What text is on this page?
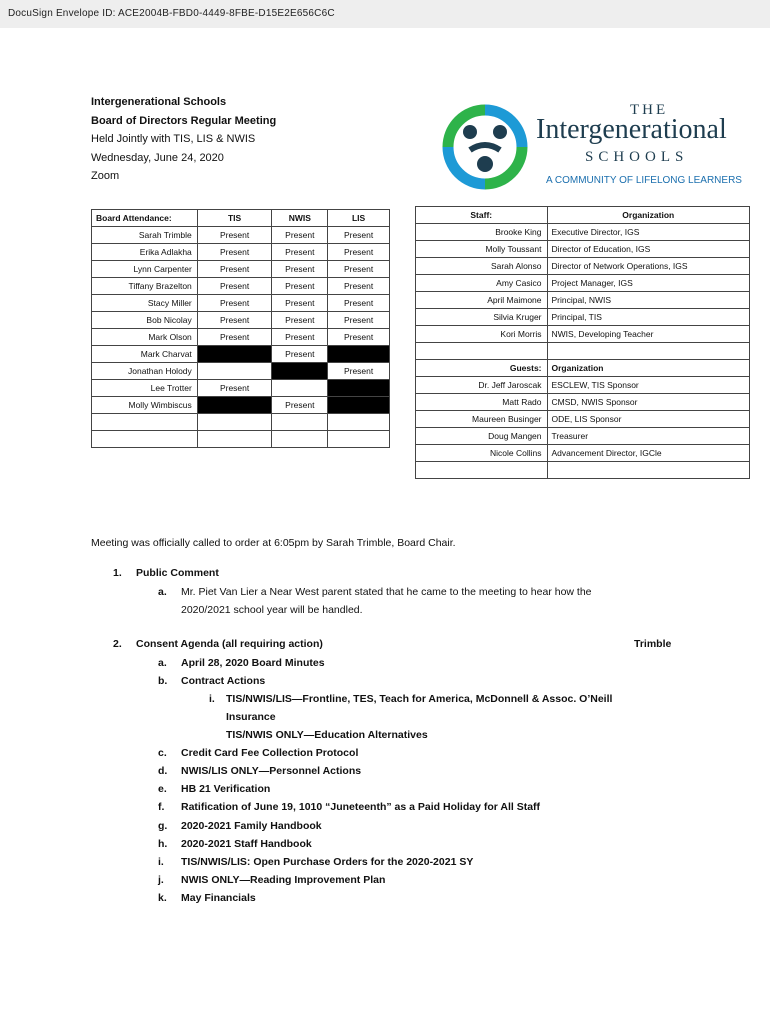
DocuSign Envelope ID: ACE2004B-FBD0-4449-8FBE-D15E2E656C6C
Intergenerational Schools
Board of Directors Regular Meeting
Held Jointly with TIS, LIS & NWIS
Wednesday, June 24, 2020
Zoom
THE
Intergenerational
SCHOOLS
A COMMUNITY OF LIFELONG LEARNERS
Board Attendance:	TIS	NWIS	LIS
Sarah Trimble	Present	Present	Present
Erika Adlakha	Present	Present	Present
Lynn Carpenter	Present	Present	Present
Tiffany Brazelton	Present	Present	Present
Stacy Miller	Present	Present	Present
Bob Nicolay	Present	Present	Present
Mark Olson	Present	Present	Present
Mark Charvat		Present	
Jonathan Holody			Present
Lee Trotter	Present		
Molly Wimbiscus		Present	

Staff:	Organization
Brooke King	Executive Director, IGS
Molly Toussant	Director of Education, IGS
Sarah Alonso	Director of Network Operations, IGS
Amy Casico	Project Manager, IGS
April Maimone	Principal, NWIS
Silvia Kruger	Principal, TIS
Kori Morris	NWIS, Developing Teacher

Guests:	Organization
Dr. Jeff Jaroscak	ESCLEW, TIS Sponsor
Matt Rado	CMSD, NWIS Sponsor
Maureen Businger	ODE, LIS Sponsor
Doug Mangen	Treasurer
Nicole Collins	Advancement Director, IGCle

Meeting was officially called to order at 6:05pm by Sarah Trimble, Board Chair.
1. Public Comment
a. Mr. Piet Van Lier a Near West parent stated that he came to the meeting to hear how the
2020/2021 school year will be handled.
2. Consent Agenda (all requiring action)	Trimble
a. April 28, 2020 Board Minutes
b. Contract Actions
i. TIS/NWIS/LIS—Frontline, TES, Teach for America, McDonnell & Assoc. O’Neill
Insurance
TIS/NWIS ONLY—Education Alternatives
c. Credit Card Fee Collection Protocol
d. NWIS/LIS ONLY—Personnel Actions
e. HB 21 Verification
f. Ratification of June 19, 1010 “Juneteenth” as a Paid Holiday for All Staff
g. 2020-2021 Family Handbook
h. 2020-2021 Staff Handbook
i. TIS/NWIS/LIS: Open Purchase Orders for the 2020-2021 SY
j. NWIS ONLY—Reading Improvement Plan
k. May Financials
